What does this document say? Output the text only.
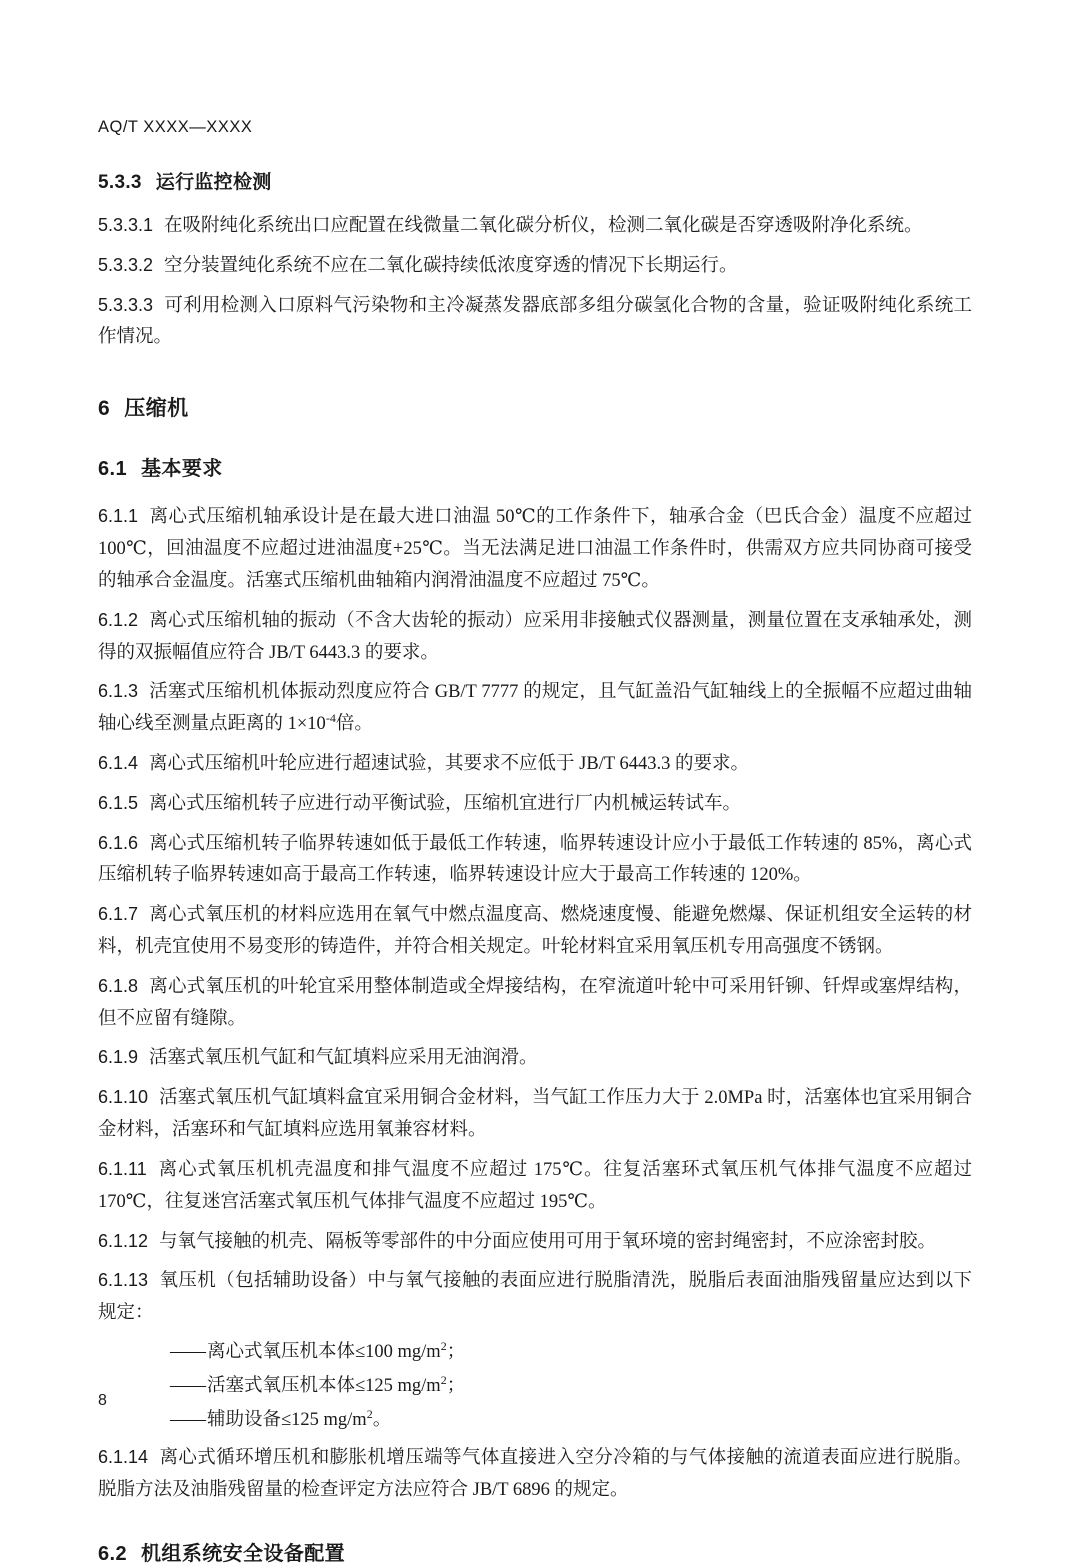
AQ/T XXXX—XXXX
5.3.3 运行监控检测

5.3.3.1 在吸附纯化系统出口应配置在线微量二氧化碳分析仪，检测二氧化碳是否穿透吸附净化系统。

5.3.3.2 空分装置纯化系统不应在二氧化碳持续低浓度穿透的情况下长期运行。

5.3.3.3 可利用检测入口原料气污染物和主冷凝蒸发器底部多组分碳氢化合物的含量，验证吸附纯化系统工作情况。

6 压缩机
6.1 基本要求

6.1.1 离心式压缩机轴承设计是在最大进口油温 50℃的工作条件下，轴承合金（巴氏合金）温度不应超过 100℃，回油温度不应超过进油温度+25℃。当无法满足进口油温工作条件时，供需双方应共同协商可接受的轴承合金温度。活塞式压缩机曲轴箱内润滑油温度不应超过 75℃。

6.1.2 离心式压缩机轴的振动（不含大齿轮的振动）应采用非接触式仪器测量，测量位置在支承轴承处，测得的双振幅值应符合 JB/T 6443.3 的要求。

6.1.3 活塞式压缩机机体振动烈度应符合 GB/T 7777 的规定，且气缸盖沿气缸轴线上的全振幅不应超过曲轴轴心线至测量点距离的 $1\times 10^{-4}$倍。

6.1.4 离心式压缩机叶轮应进行超速试验，其要求不应低于 JB/T 6443.3 的要求。

6.1.5 离心式压缩机转子应进行动平衡试验，压缩机宜进行厂内机械运转试车。

6.1.6 离心式压缩机转子临界转速如低于最低工作转速，临界转速设计应小于最低工作转速的 85%，离心式压缩机转子临界转速如高于最高工作转速，临界转速设计应大于最高工作转速的 120%。

6.1.7 离心式氧压机的材料应选用在氧气中燃点温度高、燃烧速度慢、能避免燃爆、保证机组安全运转的材料，机壳宜使用不易变形的铸造件，并符合相关规定。叶轮材料宜采用氧压机专用高强度不锈钢。

6.1.8 离心式氧压机的叶轮宜采用整体制造或全焊接结构，在窄流道叶轮中可采用钎铆、钎焊或塞焊结构，但不应留有缝隙。

6.1.9 活塞式氧压机气缸和气缸填料应采用无油润滑。

6.1.10 活塞式氧压机气缸填料盒宜采用铜合金材料，当气缸工作压力大于 2.0MPa 时，活塞体也宜采用铜合金材料，活塞环和气缸填料应选用氧兼容材料。

6.1.11 离心式氧压机机壳温度和排气温度不应超过 175℃。往复活塞环式氧压机气体排气温度不应超过 170℃，往复迷宫活塞式氧压机气体排气温度不应超过 195℃。

6.1.12 与氧气接触的机壳、隔板等零部件的中分面应使用可用于氧环境的密封绳密封，不应涂密封胶。

6.1.13 氧压机（包括辅助设备）中与氧气接触的表面应进行脱脂清洗，脱脂后表面油脂残留量应达到以下规定：

—— 离心式氧压机本体≤100 $mg/m^2$；
—— 活塞式氧压机本体≤125 $mg/m^2$；
—— 辅助设备≤125 $mg/m^2$。

6.1.14 离心式循环增压机和膨胀机增压端等气体直接进入空分冷箱的与气体接触的流道表面应进行脱脂。脱脂方法及油脂残留量的检查评定方法应符合 JB/T 6896 的规定。

6.2 机组系统安全设备配置
8
